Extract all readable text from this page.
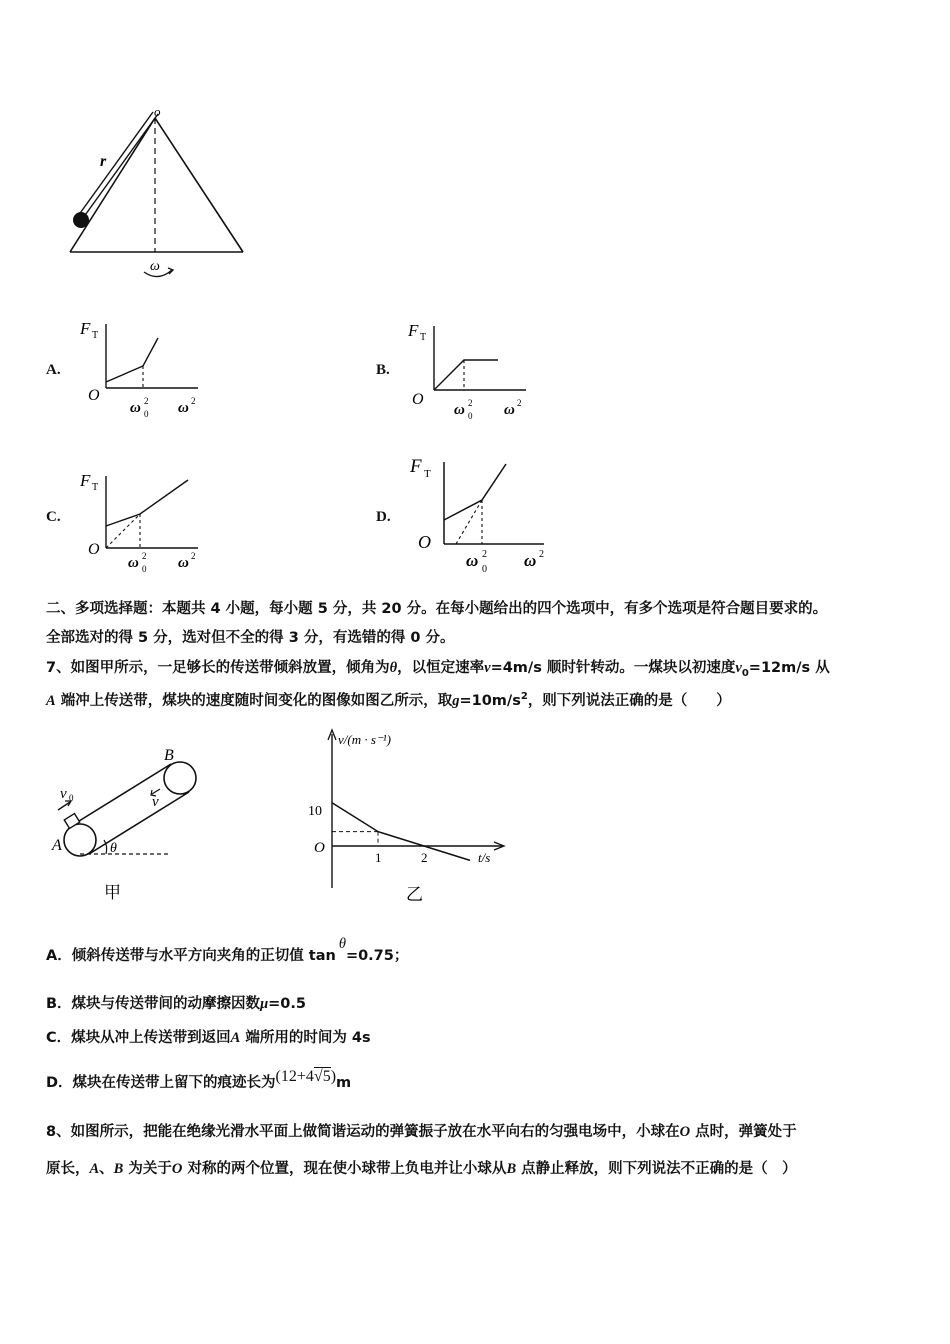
o
r
ω
A.	B.
C.	D.
F T
O
ω 2
0 ω 2
F T
O
ω 2
0 ω 2
F T
O
ω 2
0 ω 2
F T
O
ω 2
0 ω 2
二、多项选择题：本题共 4 小题，每小题 5 分，共 20 分。在每小题给出的四个选项中，有多个选项是符合题目要求的。
全部选对的得 5 分，选对但不全的得 3 分，有选错的得 0 分。
7、如图甲所示，一足够长的传送带倾斜放置，倾角为θ，以恒定速率v=4m/s 顺时针转动。一煤块以初速度$v_0=12m/s$ 从
A 端冲上传送带，煤块的速度随时间变化的图像如图乙所示，取$g=10m/s^2$，则下列说法正确的是（　　）
B
A
v 0	v
θ
甲
v/(m · s⁻¹)
10
O
1	2	t/s
乙
A．倾斜传送带与水平方向夹角的正切值 tanθ=0.75；
B．煤块与传送带间的动摩擦因数μ=0.5
C．煤块从冲上传送带到返回A 端所用的时间为 4s
D．煤块在传送带上留下的痕迹长为(12+4√5)m
8、如图所示，把能在绝缘光滑水平面上做简谐运动的弹簧振子放在水平向右的匀强电场中，小球在O 点时，弹簧处于
原长，A、B 为关于O 对称的两个位置，现在使小球带上负电并让小球从B 点静止释放，则下列说法不正确的是（　）
